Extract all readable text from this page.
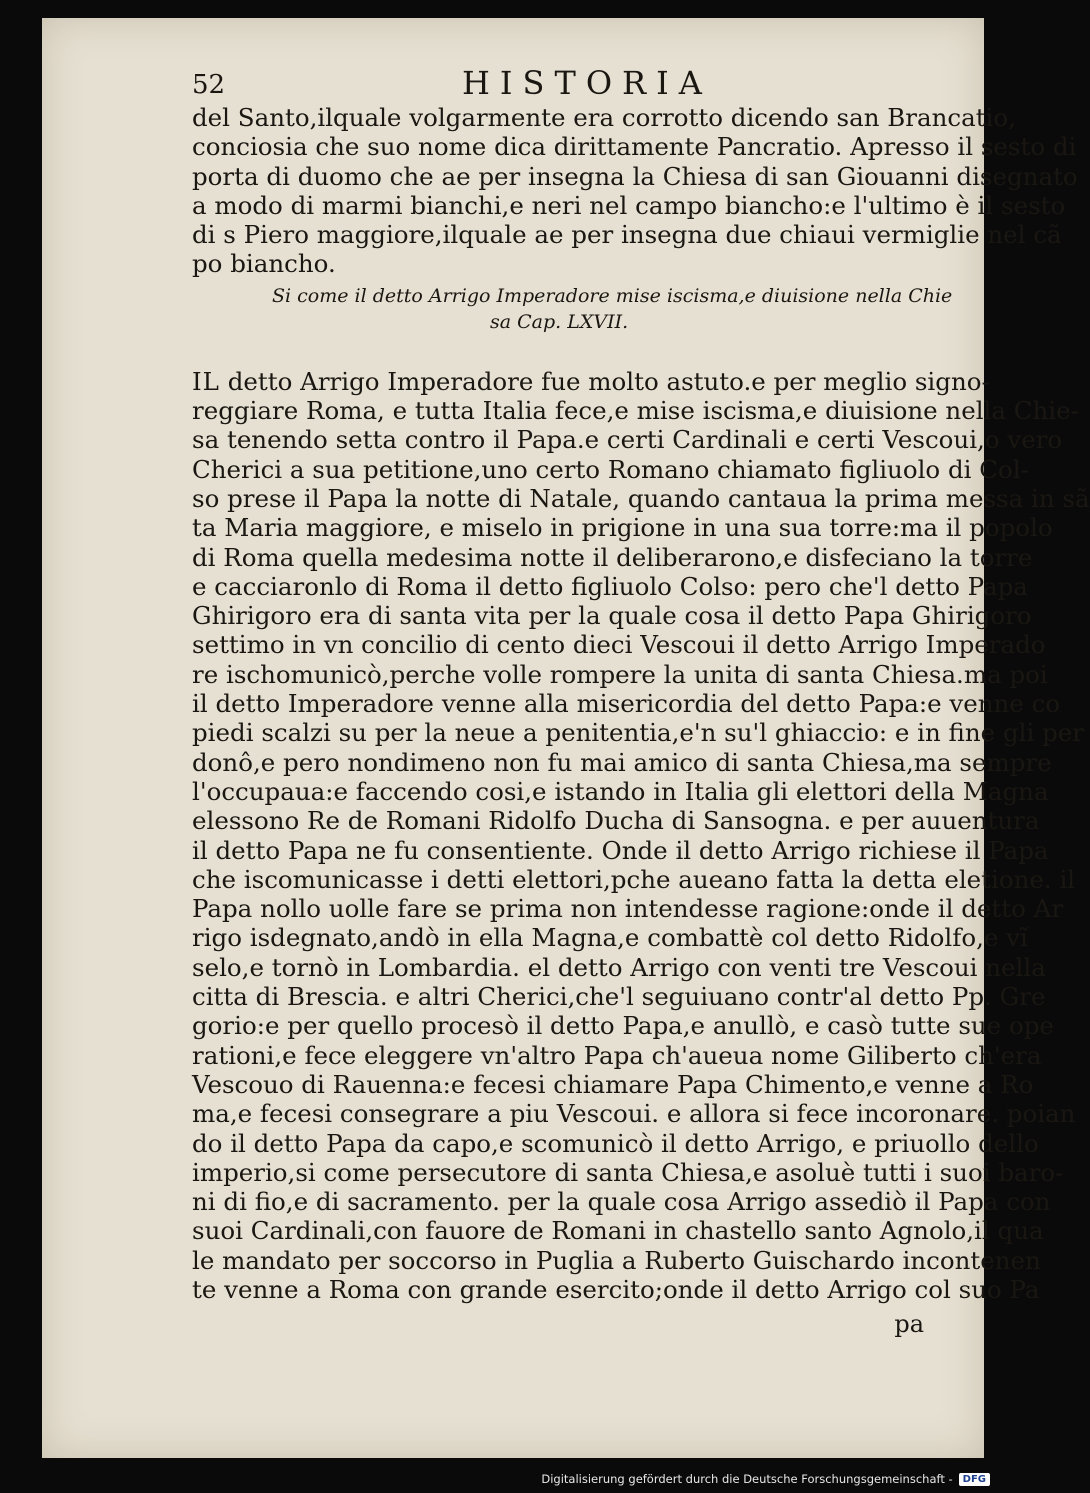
52	HISTORIA
del Santo,ilquale volgarmente era corrotto dicendo san Brancatio,
conciosia che suo nome dica dirittamente Pancratio. Apresso il sesto di
porta di duomo che ae per insegna la Chiesa di san Giouanni disegnato
a modo di marmi bianchi,e neri nel campo biancho:e l'ultimo è il sesto
di s Piero maggiore,ilquale ae per insegna due chiaui vermiglie nel cã
po biancho.
Si come il detto Arrigo Imperadore mise iscisma,e diuisione nella Chie
sa Cap. LXVII.
IL detto Arrigo Imperadore fue molto astuto.e per meglio signo-
reggiare Roma, e tutta Italia fece,e mise iscisma,e diuisione nella Chie-
sa tenendo setta contro il Papa.e certi Cardinali e certi Vescoui,o vero
Cherici a sua petitione,uno certo Romano chiamato figliuolo di Col-
so prese il Papa la notte di Natale, quando cantaua la prima messa in sã
ta Maria maggiore, e miselo in prigione in una sua torre:ma il popolo
di Roma quella medesima notte il deliberarono,e disfeciano la torre
e cacciaronlo di Roma il detto figliuolo Colso: pero che'l detto Papa
Ghirigoro era di santa vita per la quale cosa il detto Papa Ghirigoro
settimo in vn concilio di cento dieci Vescoui il detto Arrigo Imperado
re ischomunicò,perche volle rompere la unita di santa Chiesa.ma poi
il detto Imperadore venne alla misericordia del detto Papa:e venne co
piedi scalzi su per la neue a penitentia,e'n su'l ghiaccio: e in fine gli per
donô,e pero nondimeno non fu mai amico di santa Chiesa,ma sempre
l'occupaua:e faccendo cosi,e istando in Italia gli elettori della Magna
elessono Re de Romani Ridolfo Ducha di Sansogna. e per auuentura
il detto Papa ne fu consentiente. Onde il detto Arrigo richiese il Papa
che iscomunicasse i detti elettori,pche aueano fatta la detta eletione. il
Papa nollo uolle fare se prima non intendesse ragione:onde il detto Ar
rigo isdegnato,andò in ella Magna,e combattè col detto Ridolfo,e vĩ
selo,e tornò in Lombardia. el detto Arrigo con venti tre Vescoui nella
citta di Brescia. e altri Cherici,che'l seguiuano contr'al detto Pp. Gre
gorio:e per quello procesò il detto Papa,e anullò, e casò tutte sue ope
rationi,e fece eleggere vn'altro Papa ch'aueua nome Giliberto ch'era
Vescouo di Rauenna:e fecesi chiamare Papa Chimento,e venne a Ro
ma,e fecesi consegrare a piu Vescoui. e allora si fece incoronare. poian
do il detto Papa da capo,e scomunicò il detto Arrigo, e priuollo dello
imperio,si come persecutore di santa Chiesa,e asoluè tutti i suoi baro-
ni di fio,e di sacramento. per la quale cosa Arrigo assediò il Papa con
suoi Cardinali,con fauore de Romani in chastello santo Agnolo,il qua
le mandato per soccorso in Puglia a Ruberto Guischardo incontenen
te venne a Roma con grande esercito;onde il detto Arrigo col suo Pa
pa
Digitalisierung gefördert durch die Deutsche Forschungsgemeinschaft -	DFG
